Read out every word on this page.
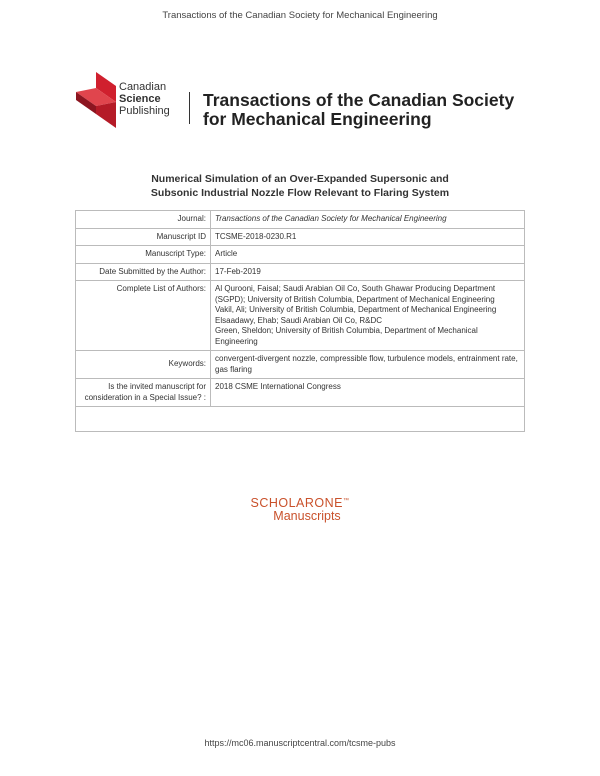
Transactions of the Canadian Society for Mechanical Engineering
Canadian
Science
Publishing
Transactions of the Canadian Society
for Mechanical Engineering
Numerical Simulation of an Over-Expanded Supersonic and
Subsonic Industrial Nozzle Flow Relevant to Flaring System
Journal:	Transactions of the Canadian Society for Mechanical Engineering
Manuscript ID	TCSME-2018-0230.R1
Manuscript Type:	Article
Date Submitted by the Author:	17-Feb-2019
Complete List of Authors:	Al Qurooni, Faisal; Saudi Arabian Oil Co, South Ghawar Producing Department (SGPD); University of British Columbia, Department of Mechanical Engineering
Vakil, Ali; University of British Columbia, Department of Mechanical Engineering
Elsaadawy, Ehab; Saudi Arabian Oil Co, R&DC
Green, Sheldon; University of British Columbia, Department of Mechanical Engineering

Keywords:	convergent-divergent nozzle, compressible flow, turbulence models, entrainment rate, gas flaring
Is the invited manuscript for consideration in a Special Issue? :	2018 CSME International Congress

SCHOLARONE™
Manuscripts
https://mc06.manuscriptcentral.com/tcsme-pubs
